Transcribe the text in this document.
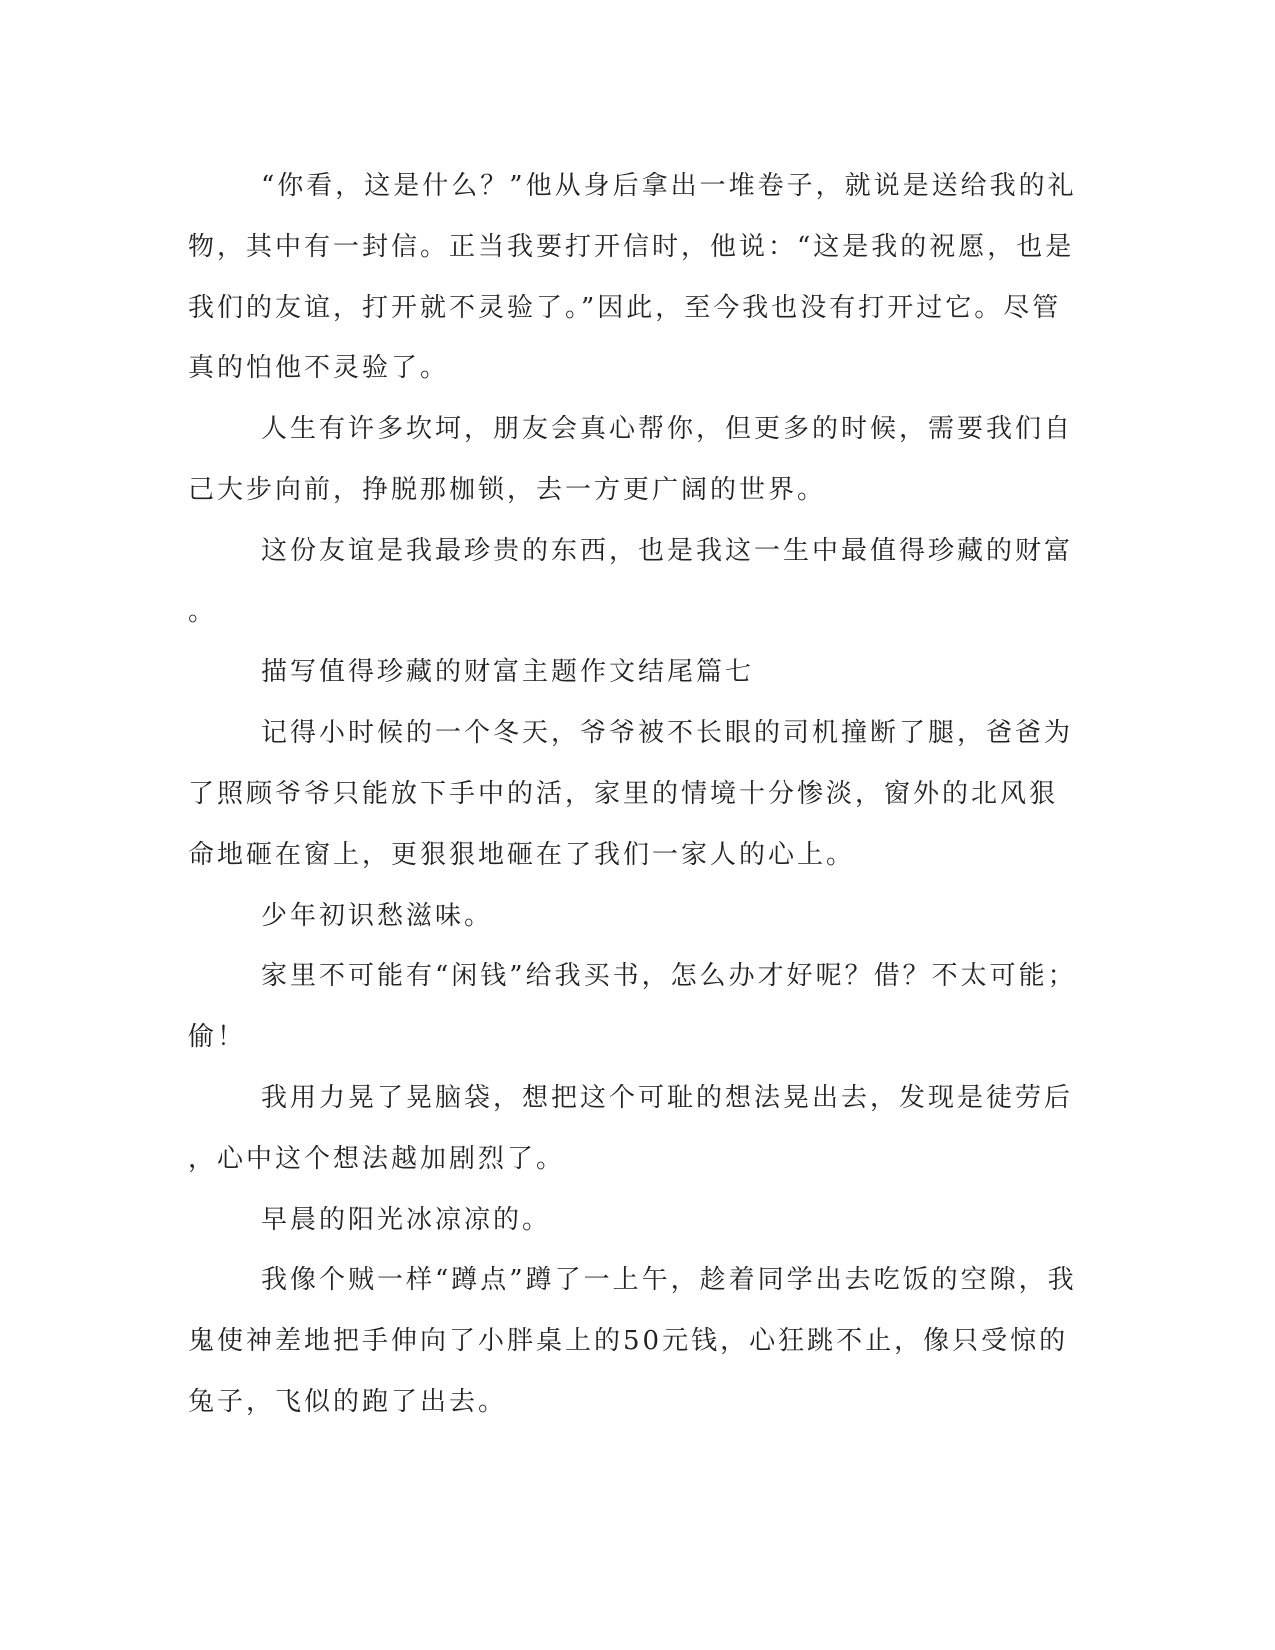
“你看，这是什么？”他从身后拿出一堆卷子，就说是送给我的礼
物，其中有一封信。正当我要打开信时，他说：“这是我的祝愿，也是
我们的友谊，打开就不灵验了。”因此，至今我也没有打开过它。尽管
真的怕他不灵验了。
人生有许多坎坷，朋友会真心帮你，但更多的时候，需要我们自
己大步向前，挣脱那枷锁，去一方更广阔的世界。
这份友谊是我最珍贵的东西，也是我这一生中最值得珍藏的财富
。
描写值得珍藏的财富主题作文结尾篇七
记得小时候的一个冬天，爷爷被不长眼的司机撞断了腿，爸爸为
了照顾爷爷只能放下手中的活，家里的情境十分惨淡，窗外的北风狠
命地砸在窗上，更狠狠地砸在了我们一家人的心上。
少年初识愁滋味。
家里不可能有“闲钱”给我买书，怎么办才好呢？借？不太可能；
偷！
我用力晃了晃脑袋，想把这个可耻的想法晃出去，发现是徒劳后
，心中这个想法越加剧烈了。
早晨的阳光冰凉凉的。
我像个贼一样“蹲点”蹲了一上午，趁着同学出去吃饭的空隙，我
鬼使神差地把手伸向了小胖桌上的50元钱，心狂跳不止，像只受惊的
兔子，飞似的跑了出去。
